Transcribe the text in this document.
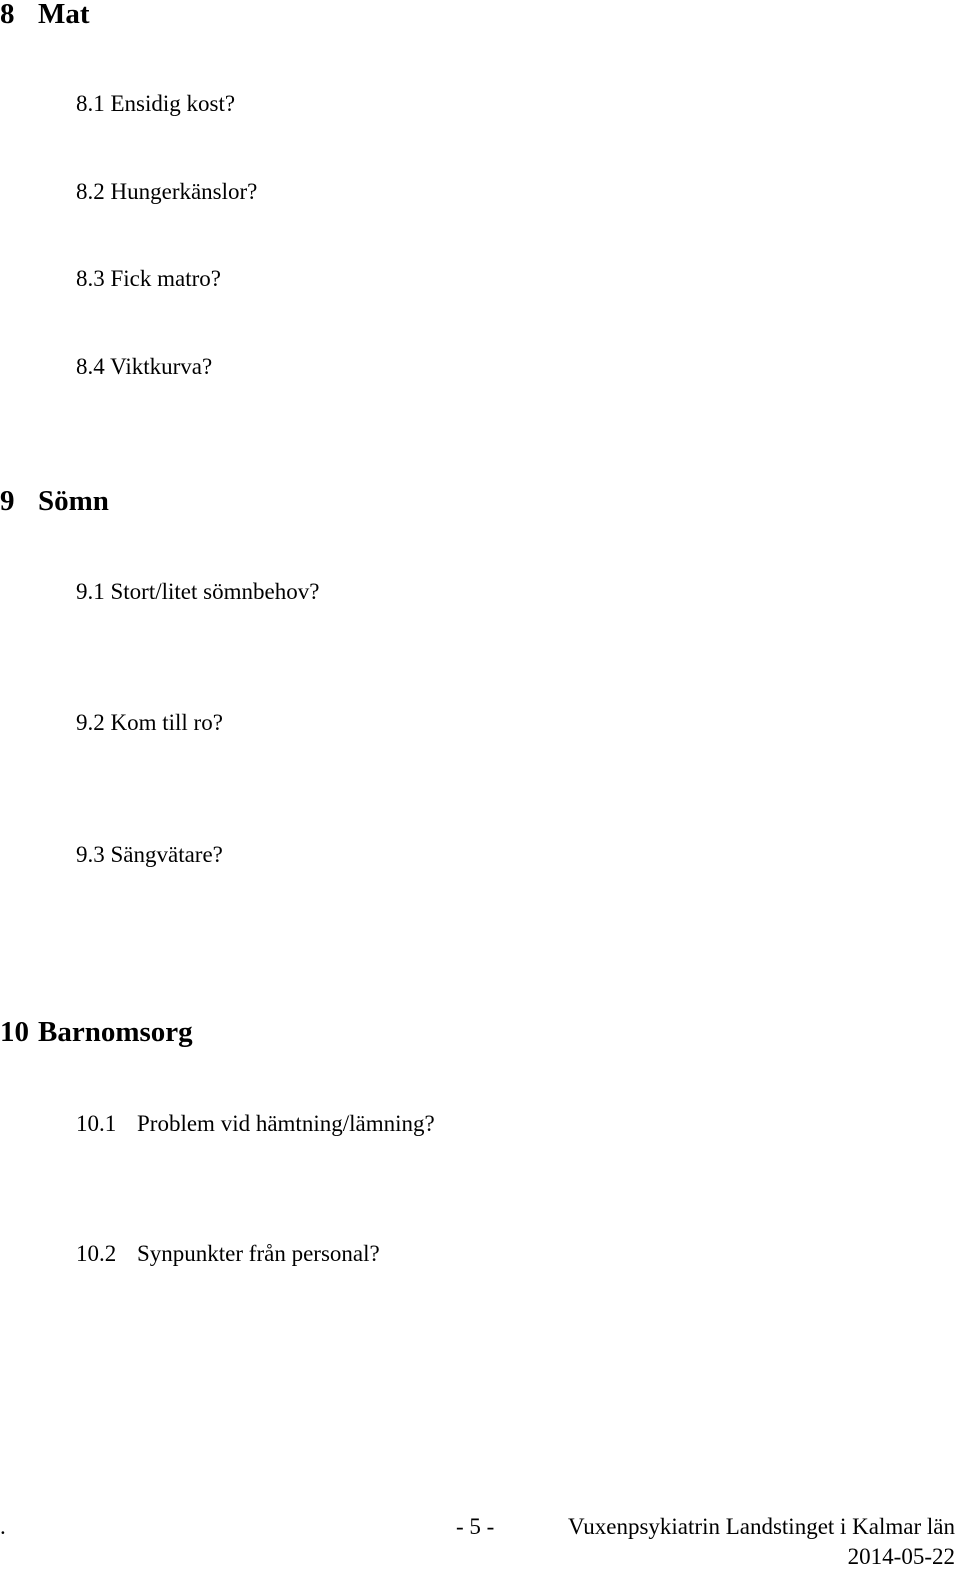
8 Mat
8.1 Ensidig kost?
8.2 Hungerkänslor?
8.3 Fick matro?
8.4 Viktkurva?
9 Sömn
9.1 Stort/litet sömnbehov?
9.2 Kom till ro?
9.3 Sängvätare?
10 Barnomsorg
10.1 Problem vid hämtning/lämning?
10.2 Synpunkter från personal?
.	- 5 -	Vuxenpsykiatrin Landstinget i Kalmar län
2014-05-22
